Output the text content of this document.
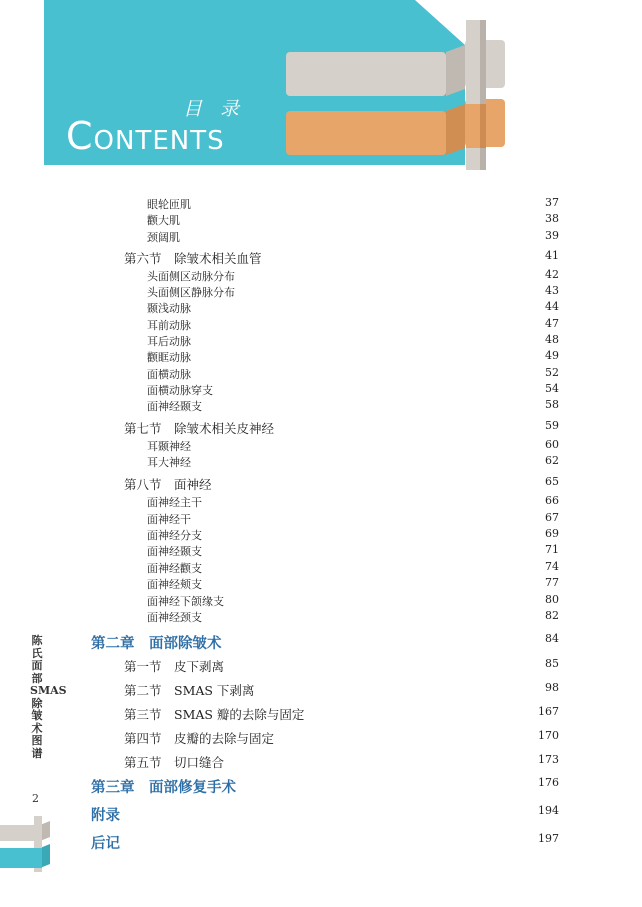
目 录
CONTENTS
眼轮匝肌	37
颧大肌	38
颈阔肌	39
第六节　除皱术相关血管	41
头面侧区动脉分布	42
头面侧区静脉分布	43
颞浅动脉	44
耳前动脉	47
耳后动脉	48
颧眶动脉	49
面横动脉	52
面横动脉穿支	54
面神经颞支	58
第七节　除皱术相关皮神经	59
耳颞神经	60
耳大神经	62
第八节　面神经	65
面神经主干	66
面神经干	67
面神经分支	69
面神经颞支	71
面神经颧支	74
面神经颊支	77
面神经下颌缘支	80
面神经颈支	82
第二章　面部除皱术	84
第一节　皮下剥离	85
第二节　SMAS 下剥离	98
第三节　SMAS 瓣的去除与固定	167
第四节　皮瓣的去除与固定	170
第五节　切口缝合	173
第三章　面部修复手术	176
附录	194
后记	197
陈氏面部SMAS除皱术图谱
2
